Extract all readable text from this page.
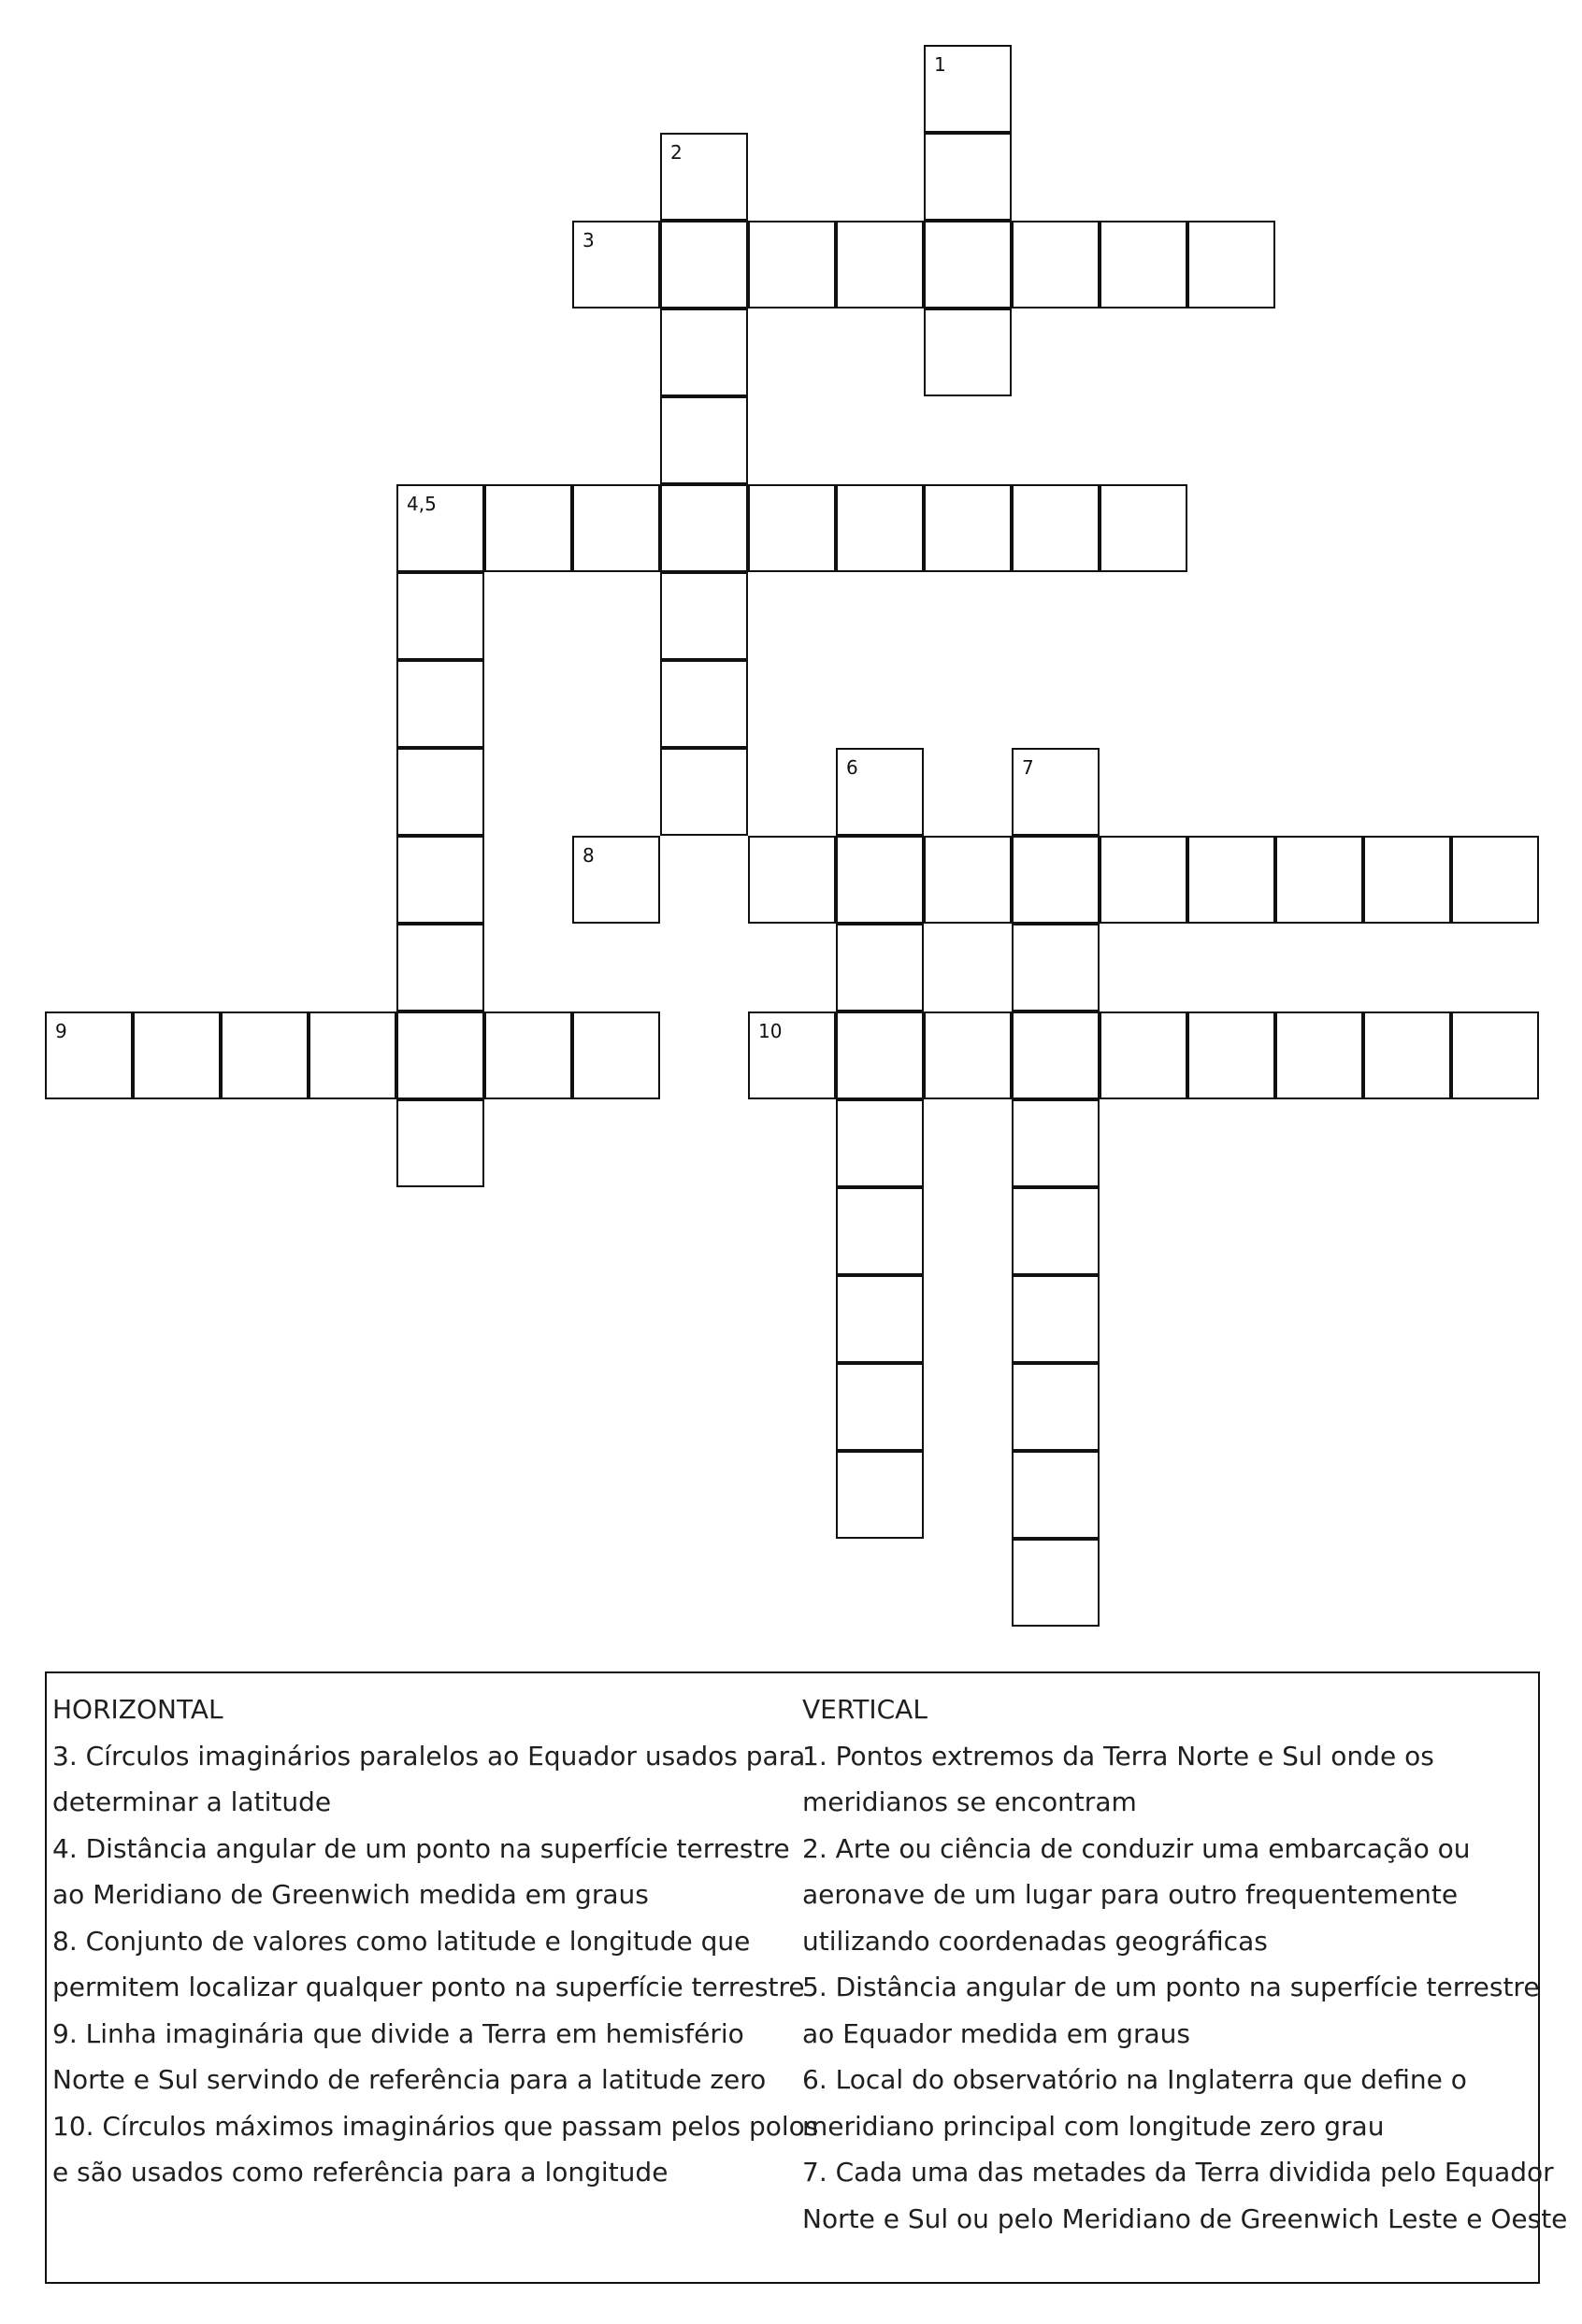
1
2
3
4,5
6	7
8
9	10
HORIZONTAL
3. Círculos imaginários paralelos ao Equador usados para
determinar a latitude
4. Distância angular de um ponto na superfície terrestre
ao Meridiano de Greenwich medida em graus
8. Conjunto de valores como latitude e longitude que
permitem localizar qualquer ponto na superfície terrestre
9. Linha imaginária que divide a Terra em hemisfério
Norte e Sul servindo de referência para a latitude zero
10. Círculos máximos imaginários que passam pelos polos
e são usados como referência para a longitude
VERTICAL
1. Pontos extremos da Terra Norte e Sul onde os
meridianos se encontram
2. Arte ou ciência de conduzir uma embarcação ou
aeronave de um lugar para outro frequentemente
utilizando coordenadas geográficas
5. Distância angular de um ponto na superfície terrestre
ao Equador medida em graus
6. Local do observatório na Inglaterra que define o
meridiano principal com longitude zero grau
7. Cada uma das metades da Terra dividida pelo Equador
Norte e Sul ou pelo Meridiano de Greenwich Leste e Oeste
